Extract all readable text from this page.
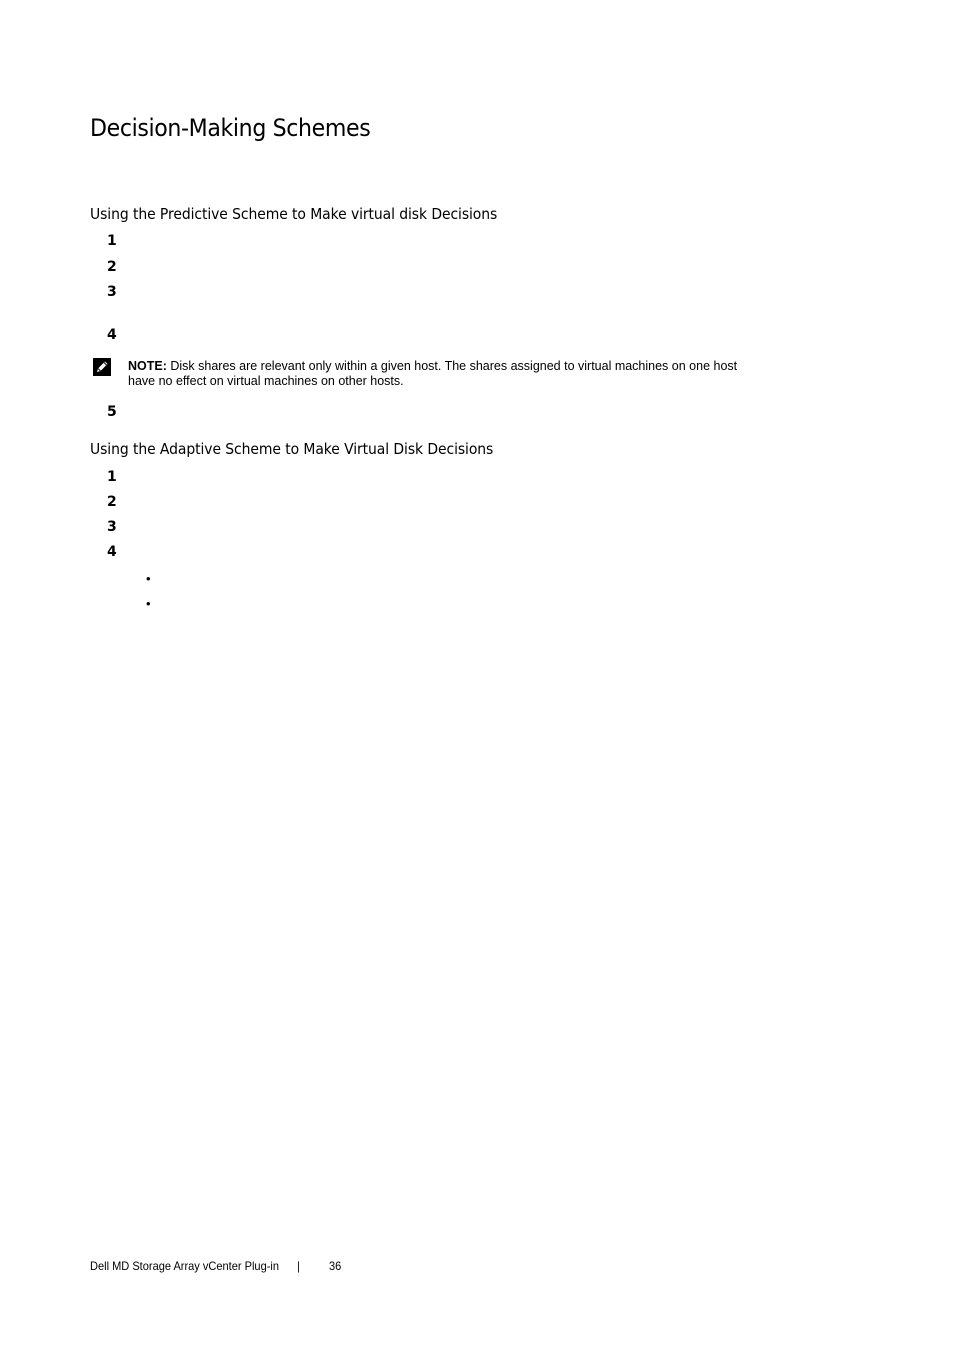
Decision-Making Schemes
Using the Predictive Scheme to Make virtual disk Decisions
1
2
3
4
NOTE: Disk shares are relevant only within a given host. The shares assigned to virtual machines on one host have no effect on virtual machines on other hosts.
5
Using the Adaptive Scheme to Make Virtual Disk Decisions
1
2
3
4
•
•
Dell MD Storage Array vCenter Plug-in | 36
